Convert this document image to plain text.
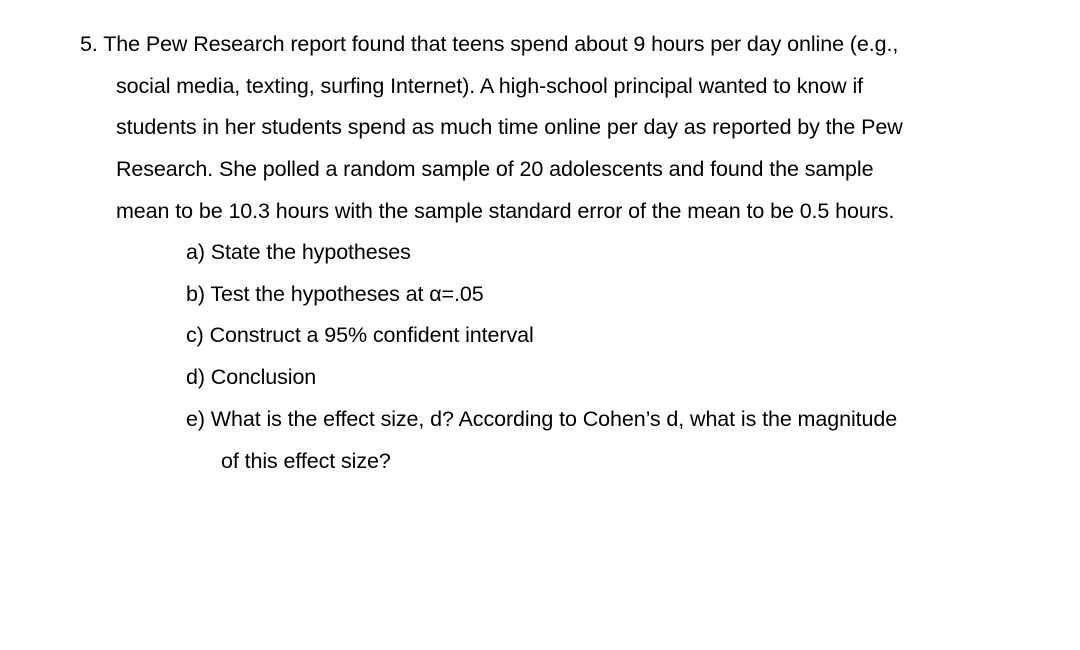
5. The Pew Research report found that teens spend about 9 hours per day online (e.g.,
social media, texting, surfing Internet). A high-school principal wanted to know if
students in her students spend as much time online per day as reported by the Pew
Research. She polled a random sample of 20 adolescents and found the sample
mean to be 10.3 hours with the sample standard error of the mean to be 0.5 hours.
a) State the hypotheses
b) Test the hypotheses at α=.05
c) Construct a 95% confident interval
d) Conclusion
e) What is the effect size, d? According to Cohen’s d, what is the magnitude
of this effect size?
